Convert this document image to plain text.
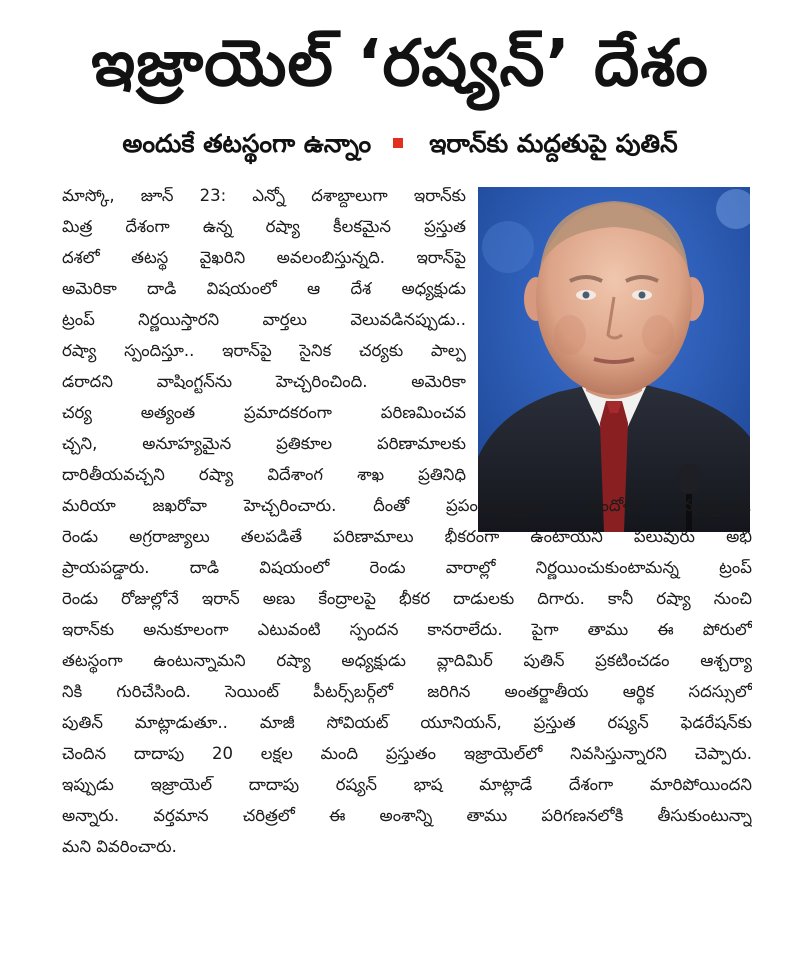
ఇజ్రాయెల్ ‘రష్యన్’ దేశం
అందుకే తటస్థంగా ఉన్నాం ఇరాన్‌కు మద్దతుపై పుతిన్
మాస్కో, జూన్ 23: ఎన్నో దశాబ్దాలుగా ఇరాన్‌కు
మిత్ర దేశంగా ఉన్న రష్యా కీలకమైన ప్రస్తుత
దశలో తటస్థ వైఖరిని అవలంబిస్తున్నది. ఇరాన్‌పై
అమెరికా దాడి విషయంలో ఆ దేశ అధ్యక్షుడు
ట్రంప్ నిర్ణయిస్తారని వార్తలు వెలువడినప్పుడు..
రష్యా స్పందిస్తూ.. ఇరాన్‌పై సైనిక చర్యకు పాల్ప
డరాదని వాషింగ్టన్‌ను హెచ్చరించింది. అమెరికా
చర్య అత్యంత ప్రమాదకరంగా పరిణమించవ
చ్చని, అనూహ్యమైన ప్రతికూల పరిణామాలకు
దారితీయవచ్చని రష్యా విదేశాంగ శాఖ ప్రతినిధి
మరియా జఖరోవా హెచ్చరించారు. దీంతో ప్రపంచవ్యాప్తంగా ఆందోళన వ్యక్తమైంది.
రెండు అగ్రరాజ్యాలు తలపడితే పరిణామాలు భీకరంగా ఉంటాయని పలువురు అభి
ప్రాయపడ్డారు. దాడి విషయంలో రెండు వారాల్లో నిర్ణయించుకుంటామన్న ట్రంప్
రెండు రోజుల్లోనే ఇరాన్ అణు కేంద్రాలపై భీకర దాడులకు దిగారు. కానీ రష్యా నుంచి
ఇరాన్‌కు అనుకూలంగా ఎటువంటి స్పందన కానరాలేదు. పైగా తాము ఈ పోరులో
తటస్థంగా ఉంటున్నామని రష్యా అధ్యక్షుడు వ్లాదిమిర్ పుతిన్ ప్రకటించడం ఆశ్చర్యా
నికి గురిచేసింది. సెయింట్ పీటర్స్‌బర్గ్‌లో జరిగిన అంతర్జాతీయ ఆర్థిక సదస్సులో
పుతిన్ మాట్లాడుతూ.. మాజీ సోవియట్ యూనియన్, ప్రస్తుత రష్యన్ ఫెడరేషన్‌కు
చెందిన దాదాపు 20 లక్షల మంది ప్రస్తుతం ఇజ్రాయెల్‌లో నివసిస్తున్నారని చెప్పారు.
ఇప్పుడు ఇజ్రాయెల్ దాదాపు రష్యన్ భాష మాట్లాడే దేశంగా మారిపోయిందని
అన్నారు. వర్తమాన చరిత్రలో ఈ అంశాన్ని తాము పరిగణనలోకి తీసుకుంటున్నా
మని వివరించారు.
